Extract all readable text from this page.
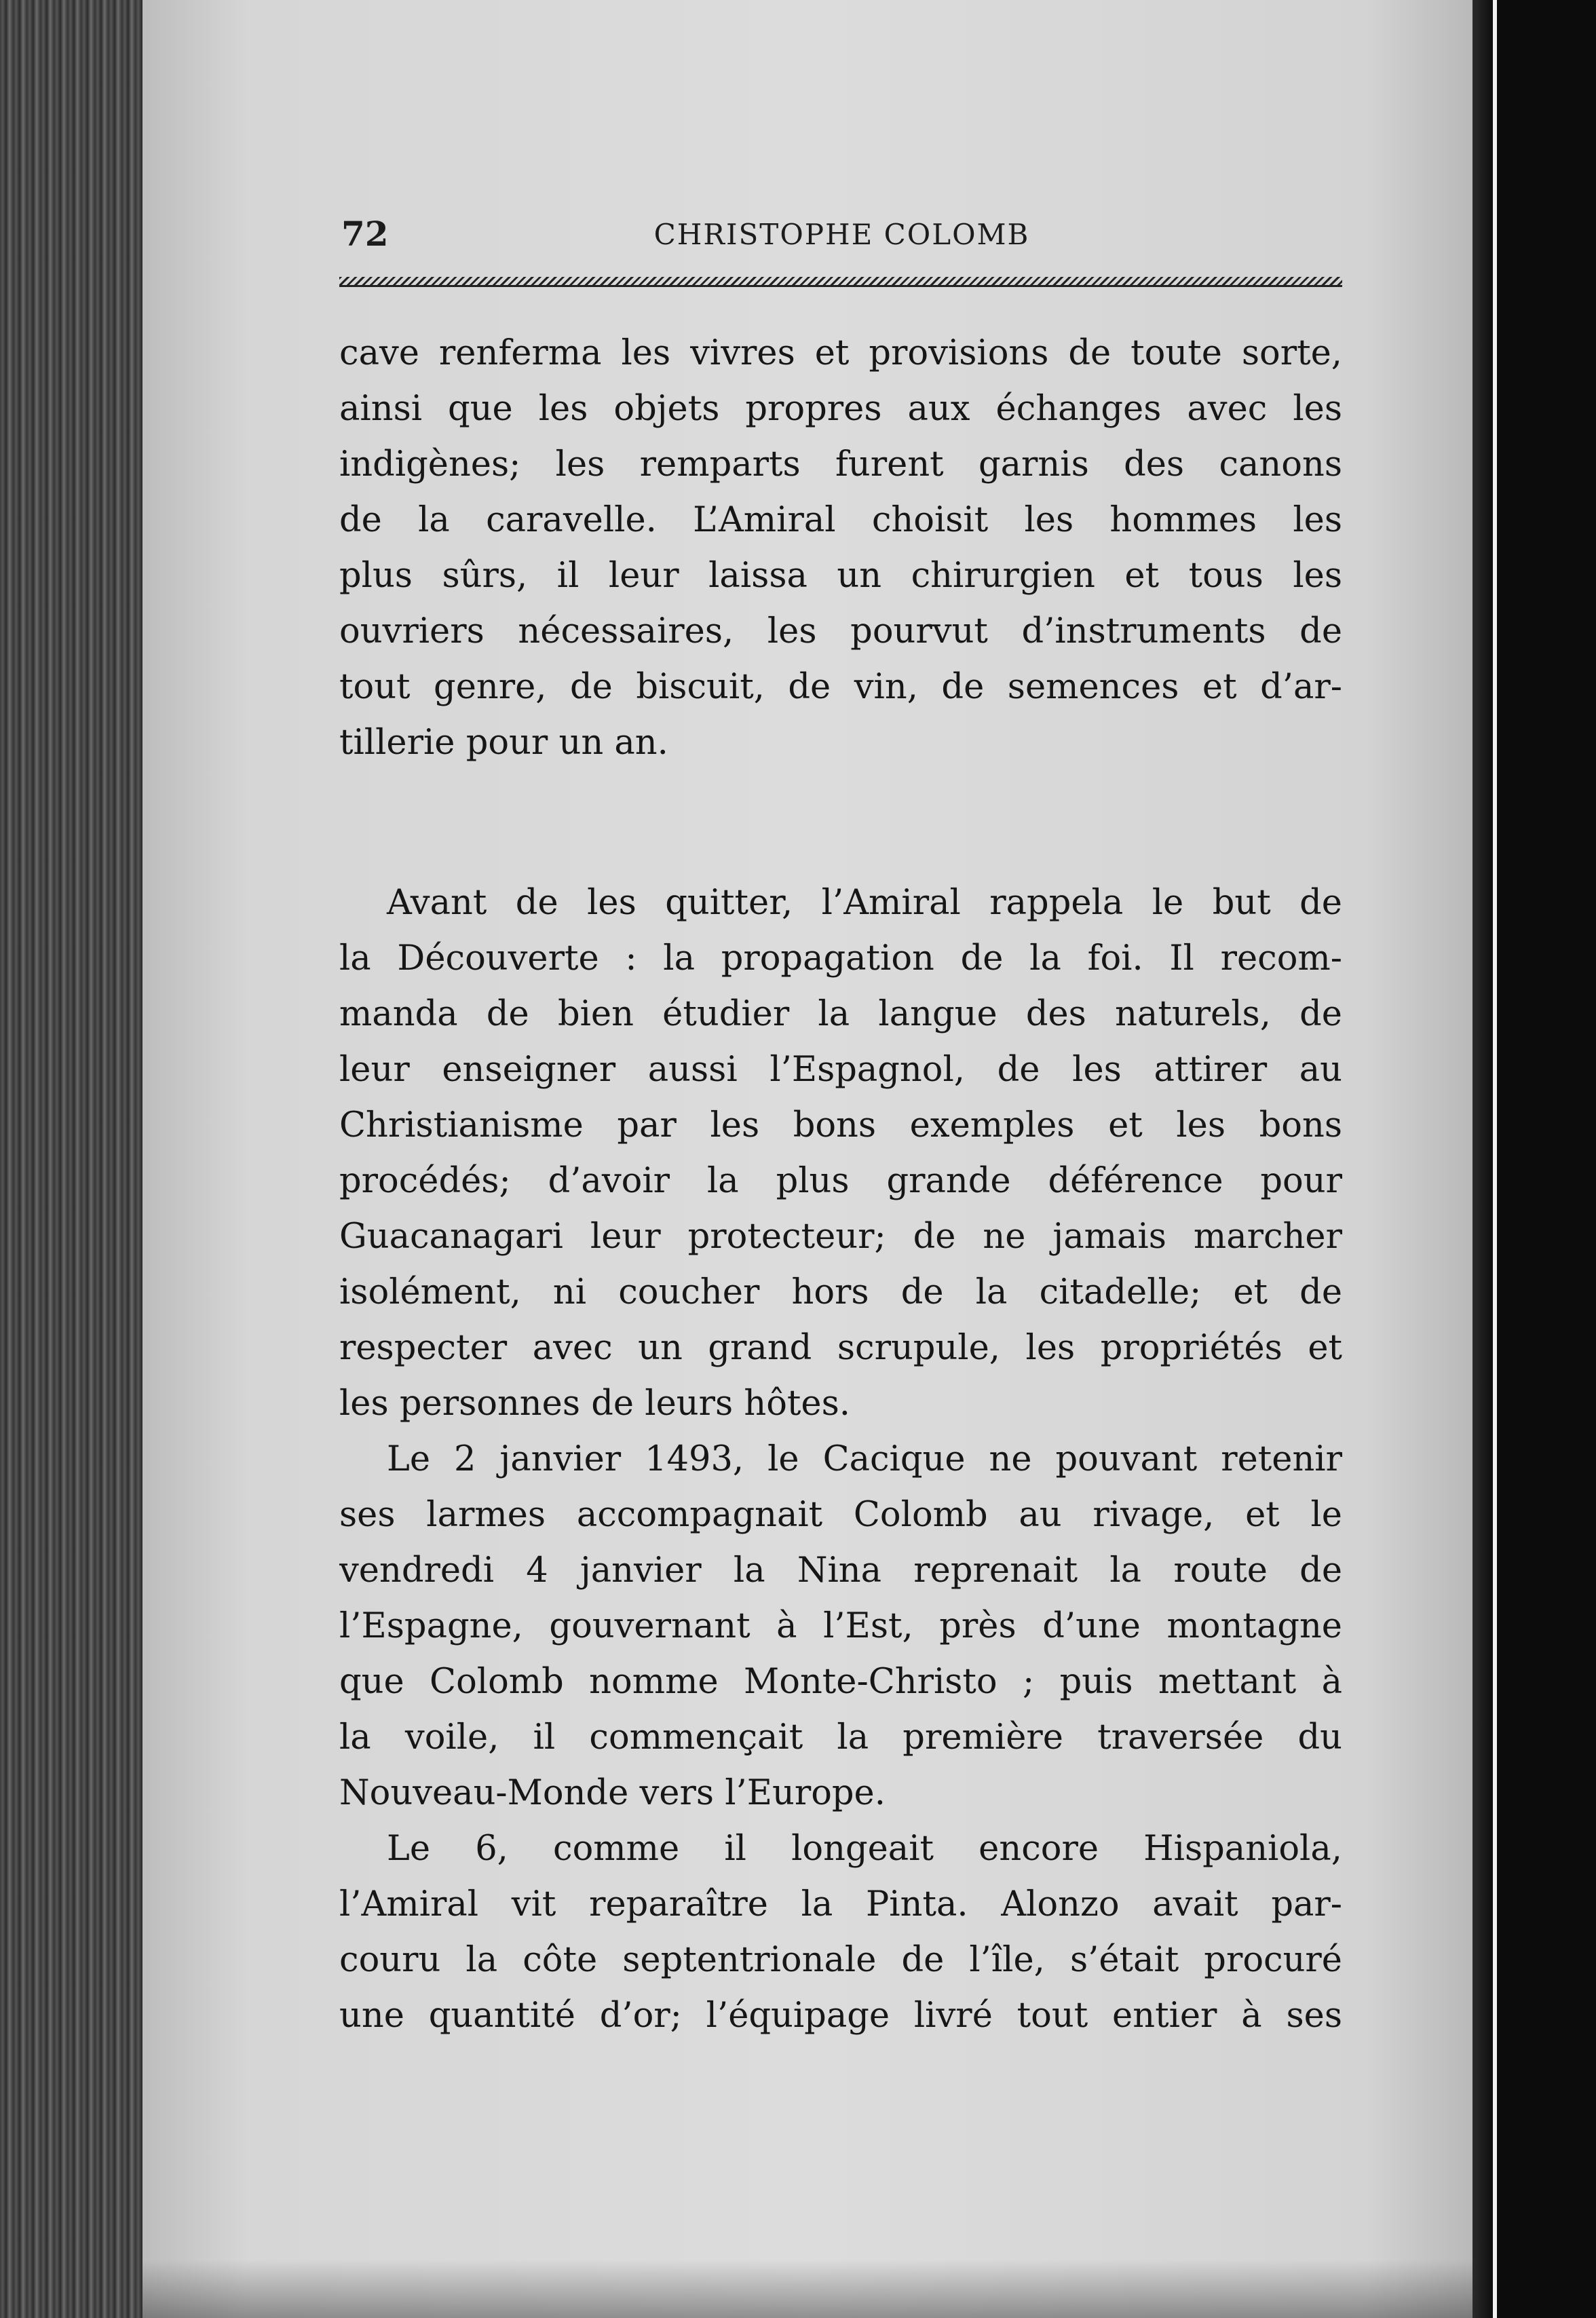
72	CHRISTOPHE COLOMB
cave renferma les vivres et provisions de toute sorte,
ainsi que les objets propres aux échanges avec les
indigènes; les remparts furent garnis des canons
de la caravelle. L’Amiral choisit les hommes les
plus sûrs, il leur laissa un chirurgien et tous les
ouvriers nécessaires, les pourvut d’instruments de
tout genre, de biscuit, de vin, de semences et d’ar-
tillerie pour un an.
Avant de les quitter, l’Amiral rappela le but de
la Découverte : la propagation de la foi. Il recom-
manda de bien étudier la langue des naturels, de
leur enseigner aussi l’Espagnol, de les attirer au
Christianisme par les bons exemples et les bons
procédés; d’avoir la plus grande déférence pour
Guacanagari leur protecteur; de ne jamais marcher
isolément, ni coucher hors de la citadelle; et de
respecter avec un grand scrupule, les propriétés et
les personnes de leurs hôtes.
Le 2 janvier 1493, le Cacique ne pouvant retenir
ses larmes accompagnait Colomb au rivage, et le
vendredi 4 janvier la Nina reprenait la route de
l’Espagne, gouvernant à l’Est, près d’une montagne
que Colomb nomme Monte-Christo ; puis mettant à
la voile, il commençait la première traversée du
Nouveau-Monde vers l’Europe.
Le 6, comme il longeait encore Hispaniola,
l’Amiral vit reparaître la Pinta. Alonzo avait par-
couru la côte septentrionale de l’île, s’était procuré
une quantité d’or; l’équipage livré tout entier à ses
